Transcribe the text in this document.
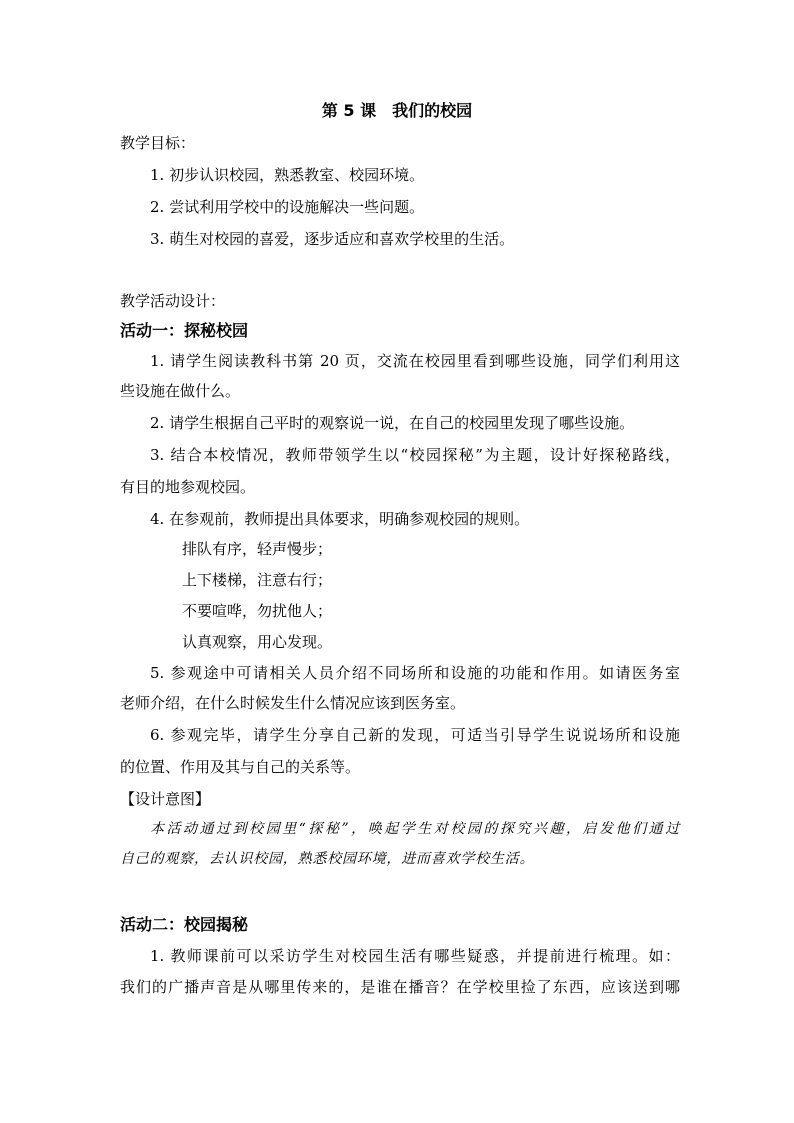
第 5 课　我们的校园
教学目标：
1. 初步认识校园，熟悉教室、校园环境。
2. 尝试利用学校中的设施解决一些问题。
3. 萌生对校园的喜爱，逐步适应和喜欢学校里的生活。
教学活动设计：
活动一：探秘校园
1. 请学生阅读教科书第 20 页，交流在校园里看到哪些设施，同学们利用这
些设施在做什么。
2. 请学生根据自己平时的观察说一说，在自己的校园里发现了哪些设施。
3. 结合本校情况，教师带领学生以“校园探秘”为主题，设计好探秘路线，
有目的地参观校园。
4. 在参观前，教师提出具体要求，明确参观校园的规则。
排队有序，轻声慢步；
上下楼梯，注意右行；
不要喧哗，勿扰他人；
认真观察，用心发现。
5. 参观途中可请相关人员介绍不同场所和设施的功能和作用。如请医务室
老师介绍，在什么时候发生什么情况应该到医务室。
6. 参观完毕，请学生分享自己新的发现，可适当引导学生说说场所和设施
的位置、作用及其与自己的关系等。
【设计意图】
本活动通过到校园里“探秘”，唤起学生对校园的探究兴趣，启发他们通过
自己的观察，去认识校园，熟悉校园环境，进而喜欢学校生活。
活动二：校园揭秘
1. 教师课前可以采访学生对校园生活有哪些疑惑，并提前进行梳理。如：
我们的广播声音是从哪里传来的，是谁在播音？在学校里捡了东西，应该送到哪
